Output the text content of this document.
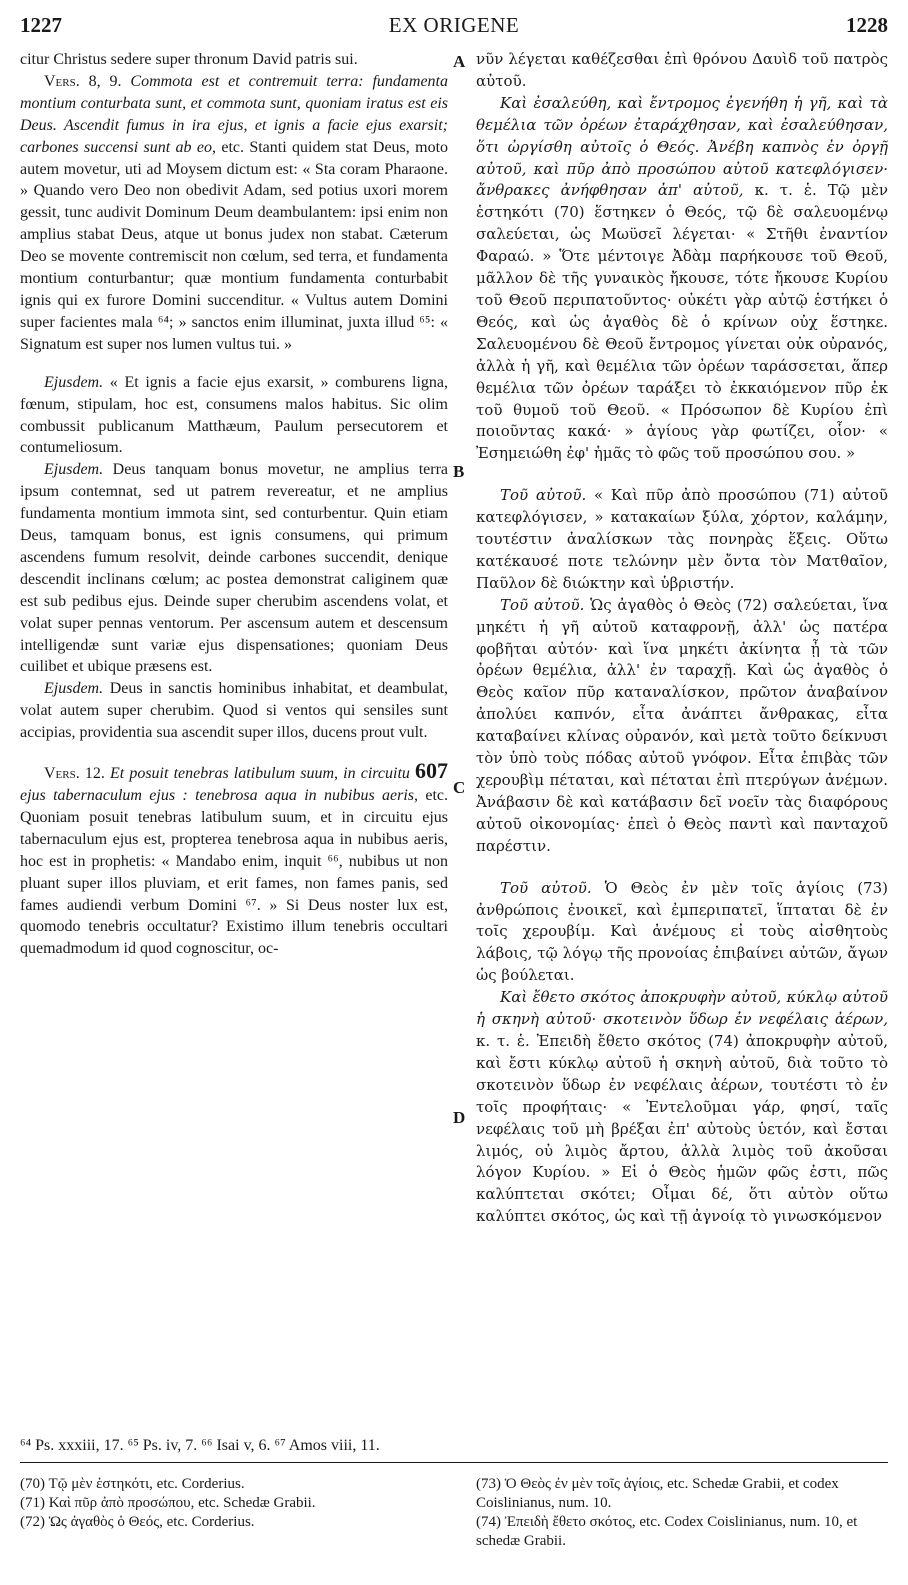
1227	EX ORIGENE	1228
A
B
C
D

citur Christus sedere super thronum David patris sui.

Vers. 8, 9. Commota est et contremuit terra: fundamenta montium conturbata sunt, et commota sunt, quoniam iratus est eis Deus. Ascendit fumus in ira ejus, et ignis a facie ejus exarsit; carbones succensi sunt ab eo, etc. Stanti quidem stat Deus, moto autem movetur, uti ad Moysem dictum est: « Sta coram Pharaone. » Quando vero Deo non obedivit Adam, sed potius uxori morem gessit, tunc audivit Dominum Deum deambulantem: ipsi enim non amplius stabat Deus, atque ut bonus judex non stabat. Cæterum Deo se movente contremiscit non cœlum, sed terra, et fundamenta montium conturbantur; quæ montium fundamenta conturbabit ignis qui ex furore Domini succenditur. « Vultus autem Domini super facientes mala ⁶⁴; » sanctos enim illuminat, juxta illud ⁶⁵: « Signatum est super nos lumen vultus tui. »

Ejusdem. « Et ignis a facie ejus exarsit, » comburens ligna, fœnum, stipulam, hoc est, consumens malos habitus. Sic olim combussit publicanum Matthæum, Paulum persecutorem et contumeliosum.

Ejusdem. Deus tanquam bonus movetur, ne amplius terra ipsum contemnat, sed ut patrem revereatur, et ne amplius fundamenta montium immota sint, sed conturbentur. Quin etiam Deus, tamquam bonus, est ignis consumens, qui primum ascendens fumum resolvit, deinde carbones succendit, denique descendit inclinans cœlum; ac postea demonstrat caliginem quæ est sub pedibus ejus. Deinde super cherubim ascendens volat, et volat super pennas ventorum. Per ascensum autem et descensum intelligendæ sunt variæ ejus dispensationes; quoniam Deus cuilibet et ubique præsens est.

Ejusdem. Deus in sanctis hominibus inhabitat, et deambulat, volat autem super cherubim. Quod si ventos qui sensiles sunt accipias, providentia sua ascendit super illos, ducens prout vult.

Vers. 12. Et posuit tenebras latibulum suum, in circuitu 607 ejus tabernaculum ejus : tenebrosa aqua in nubibus aeris, etc. Quoniam posuit tenebras latibulum suum, et in circuitu ejus tabernaculum ejus est, propterea tenebrosa aqua in nubibus aeris, hoc est in prophetis: « Mandabo enim, inquit ⁶⁶, nubibus ut non pluant super illos pluviam, et erit fames, non fames panis, sed fames audiendi verbum Domini ⁶⁷. » Si Deus noster lux est, quomodo tenebris occultatur? Existimo illum tenebris occultari quemadmodum id quod cognoscitur, oc-

νῦν λέγεται καθέζεσθαι ἐπὶ θρόνου Δαυὶδ τοῦ πατρὸς αὐτοῦ.

Καὶ ἐσαλεύθη, καὶ ἔντρομος ἐγενήθη ἡ γῆ, καὶ τὰ θεμέλια τῶν ὀρέων ἐταράχθησαν, καὶ ἐσαλεύθησαν, ὅτι ὠργίσθη αὐτοῖς ὁ Θεός. Ἀνέβη καπνὸς ἐν ὀργῇ αὐτοῦ, καὶ πῦρ ἀπὸ προσώπου αὐτοῦ κατεφλόγισεν· ἄνθρακες ἀνήφθησαν ἀπ' αὐτοῦ, κ. τ. ἑ. Τῷ μὲν ἑστηκότι (70) ἕστηκεν ὁ Θεός, τῷ δὲ σαλευομένῳ σαλεύεται, ὡς Μωϋσεῖ λέγεται· « Στῆθι ἐναντίον Φαραώ. » Ὅτε μέντοιγε Ἀδὰμ παρήκουσε τοῦ Θεοῦ, μᾶλλον δὲ τῆς γυναικὸς ἤκουσε, τότε ἤκουσε Κυρίου τοῦ Θεοῦ περιπατοῦντος· οὐκέτι γὰρ αὐτῷ ἑστήκει ὁ Θεός, καὶ ὡς ἀγαθὸς δὲ ὁ κρίνων οὐχ ἕστηκε. Σαλευομένου δὲ Θεοῦ ἔντρομος γίνεται οὐκ οὐρανός, ἀλλὰ ἡ γῆ, καὶ θεμέλια τῶν ὀρέων ταράσσεται, ἅπερ θεμέλια τῶν ὀρέων ταράξει τὸ ἐκκαιόμενον πῦρ ἐκ τοῦ θυμοῦ τοῦ Θεοῦ. « Πρόσωπον δὲ Κυρίου ἐπὶ ποιοῦντας κακά· » ἁγίους γὰρ φωτίζει, οἷον· « Ἐσημειώθη ἐφ' ἡμᾶς τὸ φῶς τοῦ προσώπου σου. »

Τοῦ αὐτοῦ. « Καὶ πῦρ ἀπὸ προσώπου (71) αὐτοῦ κατεφλόγισεν, » κατακαίων ξύλα, χόρτον, καλάμην, τουτέστιν ἀναλίσκων τὰς πονηρὰς ἕξεις. Οὕτω κατέκαυσέ ποτε τελώνην μὲν ὄντα τὸν Ματθαῖον, Παῦλον δὲ διώκτην καὶ ὑβριστήν.

Τοῦ αὐτοῦ. Ὡς ἀγαθὸς ὁ Θεὸς (72) σαλεύεται, ἵνα μηκέτι ἡ γῆ αὐτοῦ καταφρονῇ, ἀλλ' ὡς πατέρα φοβῆται αὐτόν· καὶ ἵνα μηκέτι ἀκίνητα ᾖ τὰ τῶν ὀρέων θεμέλια, ἀλλ' ἐν ταραχῇ. Καὶ ὡς ἀγαθὸς ὁ Θεὸς καῖον πῦρ καταναλίσκον, πρῶτον ἀναβαίνον ἀπολύει καπνόν, εἶτα ἀνάπτει ἄνθρακας, εἶτα καταβαίνει κλίνας οὐρανόν, καὶ μετὰ τοῦτο δείκνυσι τὸν ὑπὸ τοὺς πόδας αὐτοῦ γνόφον. Εἶτα ἐπιβὰς τῶν χερουβὶμ πέταται, καὶ πέταται ἐπὶ πτερύγων ἀνέμων. Ἀνάβασιν δὲ καὶ κατάβασιν δεῖ νοεῖν τὰς διαφόρους αὐτοῦ οἰκονομίας· ἐπεὶ ὁ Θεὸς παντὶ καὶ πανταχοῦ παρέστιν.

Τοῦ αὐτοῦ. Ὁ Θεὸς ἐν μὲν τοῖς ἁγίοις (73) ἀνθρώποις ἐνοικεῖ, καὶ ἐμπεριπατεῖ, ἵπταται δὲ ἐν τοῖς χερουβίμ. Καὶ ἀνέμους εἰ τοὺς αἰσθητοὺς λάβοις, τῷ λόγῳ τῆς προνοίας ἐπιβαίνει αὐτῶν, ἄγων ὡς βούλεται.

Καὶ ἔθετο σκότος ἀποκρυφὴν αὐτοῦ, κύκλῳ αὐτοῦ ἡ σκηνὴ αὐτοῦ· σκοτεινὸν ὕδωρ ἐν νεφέλαις ἀέρων, κ. τ. ἑ. Ἐπειδὴ ἔθετο σκότος (74) ἀποκρυφὴν αὐτοῦ, καὶ ἔστι κύκλῳ αὐτοῦ ἡ σκηνὴ αὐτοῦ, διὰ τοῦτο τὸ σκοτεινὸν ὕδωρ ἐν νεφέλαις ἀέρων, τουτέστι τὸ ἐν τοῖς προφήταις· « Ἐντελοῦμαι γάρ, φησί, ταῖς νεφέλαις τοῦ μὴ βρέξαι ἐπ' αὐτοὺς ὑετόν, καὶ ἔσται λιμός, οὐ λιμὸς ἄρτου, ἀλλὰ λιμὸς τοῦ ἀκοῦσαι λόγον Κυρίου. » Εἰ ὁ Θεὸς ἡμῶν φῶς ἐστι, πῶς καλύπτεται σκότει; Οἶμαι δέ, ὅτι αὐτὸν οὕτω καλύπτει σκότος, ὡς καὶ τῇ ἀγνοίᾳ τὸ γινωσκόμενον

⁶⁴ Ps. xxxiii, 17. ⁶⁵ Ps. iv, 7. ⁶⁶ Isai v, 6. ⁶⁷ Amos viii, 11.

(70) Τῷ μὲν ἑστηκότι, etc. Corderius.

(71) Καὶ πῦρ ἀπὸ προσώπου, etc. Schedæ Grabii.

(72) Ὡς ἀγαθὸς ὁ Θεός, etc. Corderius.

(73) Ὁ Θεὸς ἐν μὲν τοῖς ἁγίοις, etc. Schedæ Grabii, et codex Coislinianus, num. 10.

(74) Ἐπειδὴ ἔθετο σκότος, etc. Codex Coislinianus, num. 10, et schedæ Grabii.
